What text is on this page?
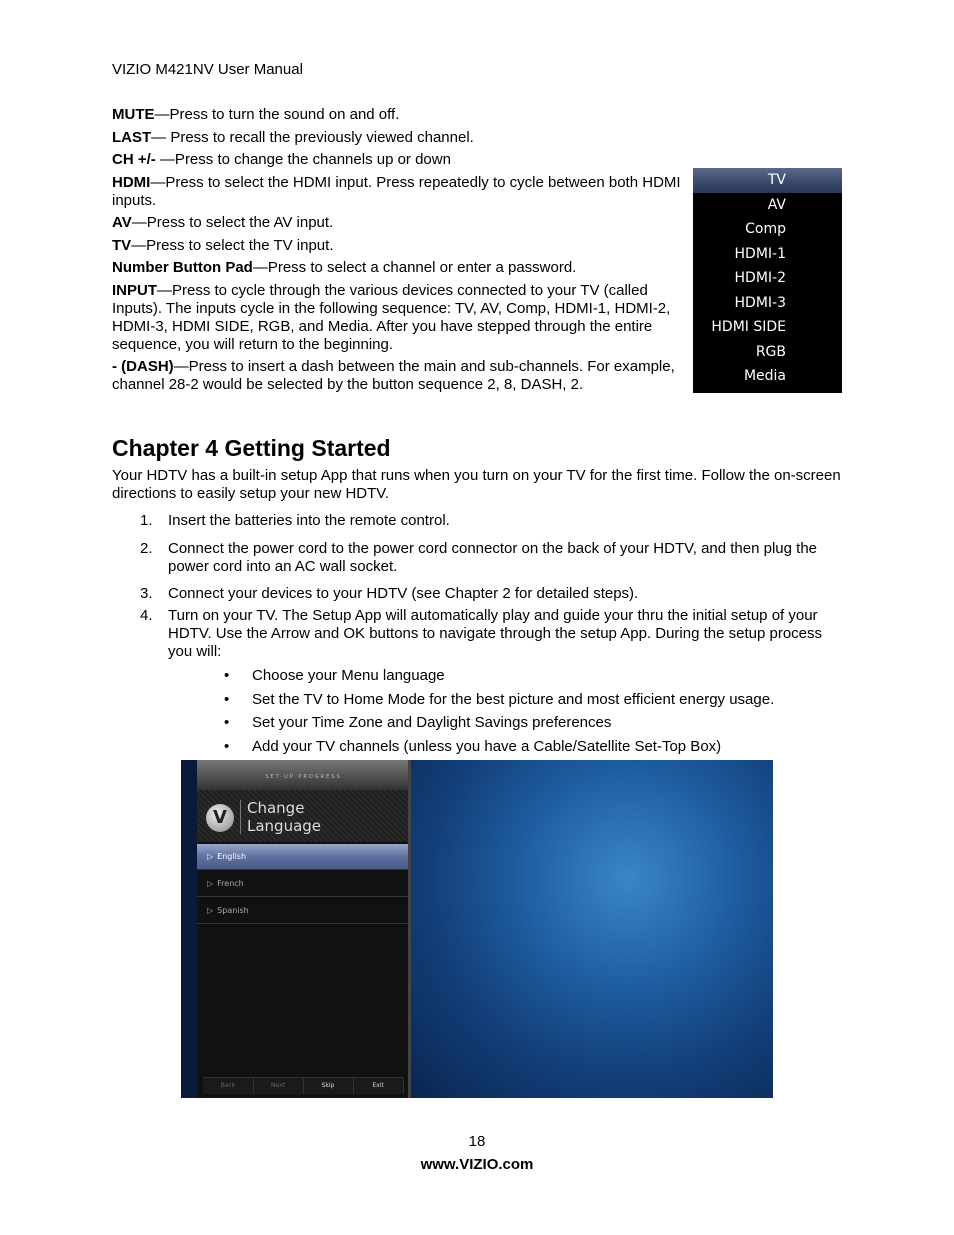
VIZIO M421NV User Manual
MUTE—Press to turn the sound on and off.
LAST— Press to recall the previously viewed channel.
CH +/- —Press to change the channels up or down
HDMI—Press to select the HDMI input. Press repeatedly to cycle between both HDMI inputs.
AV—Press to select the AV input.
TV—Press to select the TV input.
Number Button Pad—Press to select a channel or enter a password.
INPUT—Press to cycle through the various devices connected to your TV (called Inputs). The inputs cycle in the following sequence: TV, AV, Comp, HDMI-1, HDMI-2, HDMI-3, HDMI SIDE, RGB, and Media. After you have stepped through the entire sequence, you will return to the beginning.
- (DASH)—Press to insert a dash between the main and sub-channels. For example, channel 28-2 would be selected by the button sequence 2, 8, DASH, 2.
TV
AV
Comp
HDMI-1
HDMI-2
HDMI-3
HDMI SIDE
RGB
Media
Chapter 4 Getting Started
Your HDTV has a built-in setup App that runs when you turn on your TV for the first time. Follow the on-screen directions to easily setup your new HDTV.
1. Insert the batteries into the remote control.
2. Connect the power cord to the power cord connector on the back of your HDTV, and then plug the power cord into an AC wall socket.
3. Connect your devices to your HDTV (see Chapter 2 for detailed steps).
4. Turn on your TV. The Setup App will automatically play and guide your thru the initial setup of your HDTV. Use the Arrow and OK buttons to navigate through the setup App. During the setup process you will:
• Choose your Menu language
• Set the TV to Home Mode for the best picture and most efficient energy usage.
• Set your Time Zone and Daylight Savings preferences
• Add your TV channels (unless you have a Cable/Satellite Set-Top Box)
SET-UP PROGRESS
V	Change
Language
▷ English
▷ French
▷ Spanish
Back	Next	Skip	Exit
18
www.VIZIO.com
